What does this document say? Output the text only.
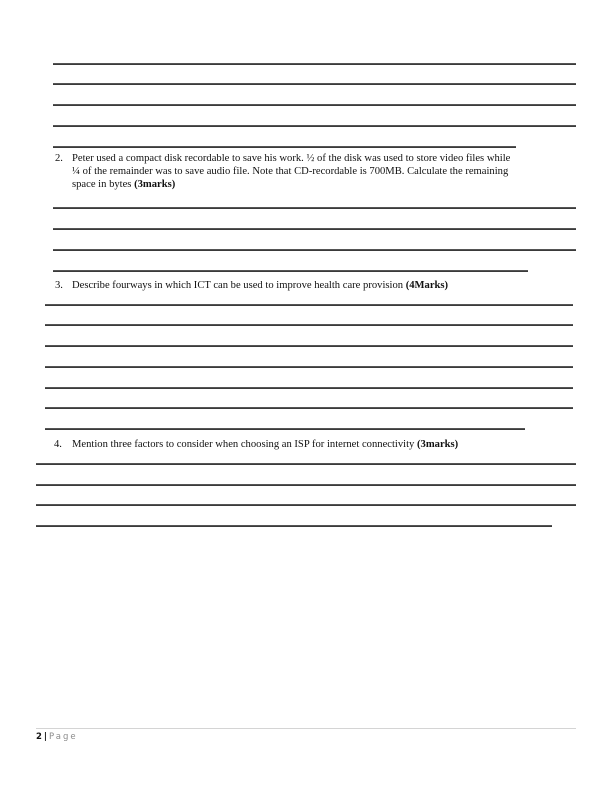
2. Peter used a compact disk recordable to save his work. ½ of the disk was used to store video files while
¼ of the remainder was to save audio file. Note that CD-recordable is 700MB. Calculate the remaining
space in bytes (3marks)
3. Describe fourways in which ICT can be used to improve health care provision (4Marks)
4. Mention three factors to consider when choosing an ISP for internet connectivity (3marks)
2 | Page
